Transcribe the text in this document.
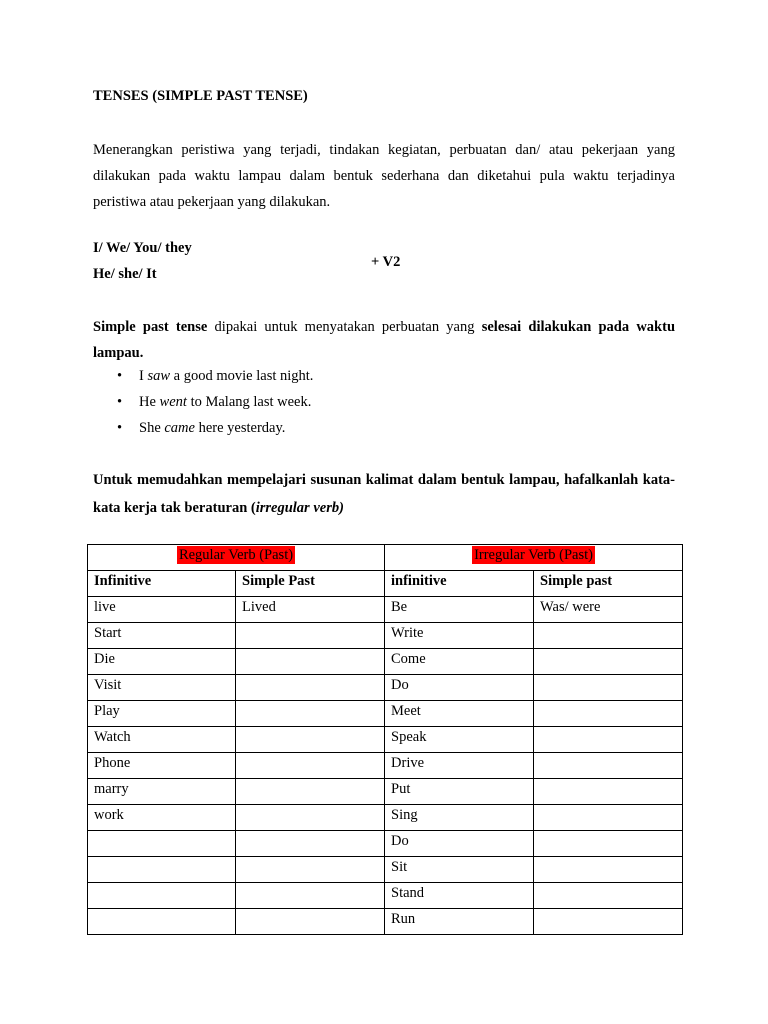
TENSES (SIMPLE PAST TENSE)

Menerangkan peristiwa yang terjadi, tindakan kegiatan, perbuatan dan/ atau pekerjaan yang dilakukan pada waktu lampau dalam bentuk sederhana dan diketahui pula waktu terjadinya peristiwa atau pekerjaan yang dilakukan.

I/ We/ You/ they
He/ she/ It
+ V2

Simple past tense dipakai untuk menyatakan perbuatan yang selesai dilakukan pada waktu lampau.

• I saw a good movie last night.
• He went to Malang last week.
• She came here yesterday.

Untuk memudahkan mempelajari susunan kalimat dalam bentuk lampau, hafalkanlah kata-kata kerja tak beraturan (irregular verb)

Regular Verb (Past)		Irregular Verb (Past)	
Infinitive	Simple Past	infinitive	Simple past
live	Lived	Be	Was/ were
Start		Write	
Die		Come	
Visit		Do	
Play		Meet	
Watch		Speak	
Phone		Drive	
marry		Put	
work		Sing	
		Do	
		Sit	
		Stand	
		Run	
